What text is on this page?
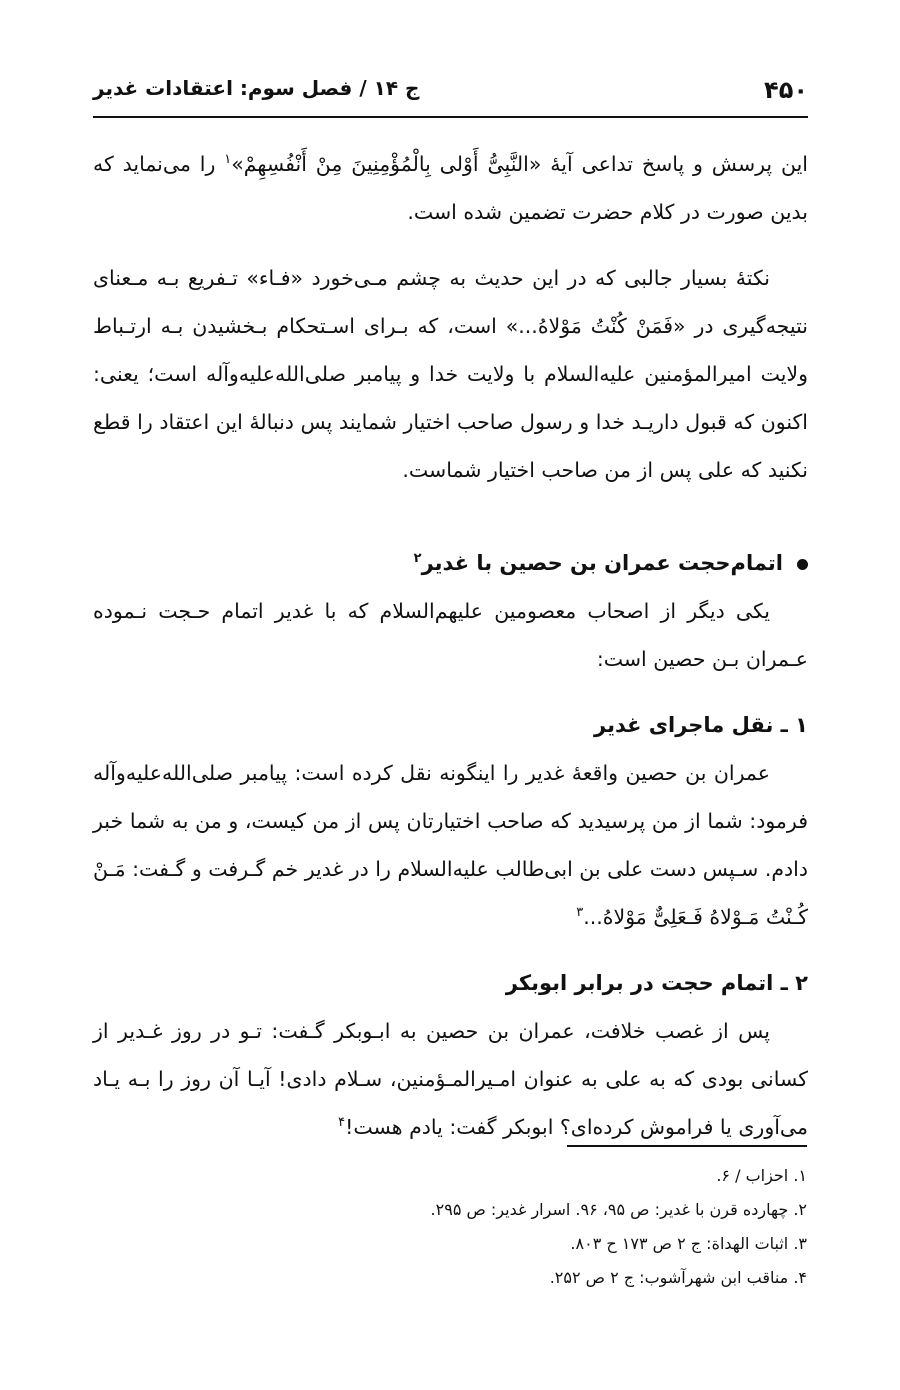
۴۵۰
ج ۱۴ / فصل سوم: اعتقادات غدیر

این پرسش و پاسخ تداعی آیهٔ «النَّبِیُّ أَوْلی بِالْمُؤْمِنِینَ مِنْ أَنْفُسِهِمْ»$^۱$ را می‌نماید که بدین صورت در کلام حضرت تضمین شده است.

نکتهٔ بسیار جالبی که در این حدیث به چشم مـی‌خورد «فـاء» تـفریع بـه مـعنای نتیجه‌گیری در «فَمَنْ کُنْتُ مَوْلاهُ...» است، که بـرای اسـتحکام بـخشیدن بـه ارتـباط ولایت امیرالمؤمنین علیه‌السلام با ولایت خدا و پیامبر صلی‌الله‌علیه‌وآله است؛ یعنی: اکنون که قبول داریـد خدا و رسول صاحب اختیار شمایند پس دنبالهٔ این اعتقاد را قطع نکنید که علی پس از من صاحب اختیار شماست.

اتمام‌حجت عمران بن حصین با غدیر$^۲$

یکی دیگر از اصحاب معصومین علیهم‌السلام که با غدیر اتمام حـجت نـموده عـمران بـن حصین است:

۱ ـ نقل ماجرای غدیر

عمران بن حصین واقعهٔ غدیر را اینگونه نقل کرده است: پیامبر صلی‌الله‌علیه‌وآله فرمود: شما از من پرسیدید که صاحب اختیارتان پس از من کیست، و من به شما خبر دادم. سـپس دست علی بن ابی‌طالب علیه‌السلام را در غدیر خم گـرفت و گـفت: مَـنْ کُـنْتُ مَـوْلاهُ فَـعَلِیٌّ مَوْلاهُ...$^۳$

۲ ـ اتمام حجت در برابر ابوبکر

پس از غصب خلافت، عمران بن حصین به ابـوبکر گـفت: تـو در روز غـدیر از کسانی بودی که به علی به عنوان امـیرالمـؤمنین، سـلام دادی! آیـا آن روز را بـه یـاد می‌آوری یا فراموش کرده‌ای؟ ابوبکر گفت: یادم هست!$^۴$

۱. احزاب / ۶.
۲. چهارده قرن با غدیر: ص ۹۵، ۹۶. اسرار غدیر: ص ۲۹۵.
۳. اثبات الهداة: ج ۲ ص ۱۷۳ ح ۸۰۳.
۴. مناقب ابن شهرآشوب: ج ۲ ص ۲۵۲.
